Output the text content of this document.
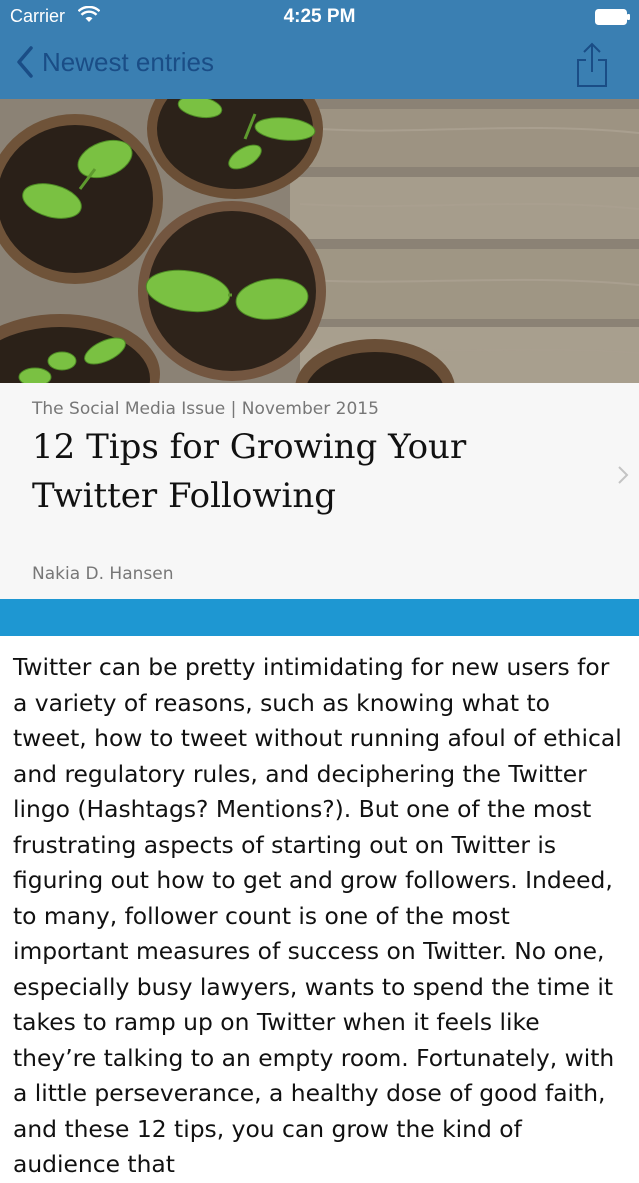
Carrier	4:25 PM
Newest entries
The Social Media Issue | November 2015
12 Tips for Growing Your Twitter Following
Nakia D. Hansen
Twitter can be pretty intimidating for new users for a variety of reasons, such as knowing what to tweet, how to tweet without running afoul of ethical and regulatory rules, and deciphering the Twitter lingo (Hashtags? Mentions?). But one of the most frustrating aspects of starting out on Twitter is figuring out how to get and grow followers. Indeed, to many, follower count is one of the most important measures of success on Twitter. No one, especially busy lawyers, wants to spend the time it takes to ramp up on Twitter when it feels like they’re talking to an empty room. Fortunately, with a little perseverance, a healthy dose of good faith, and these 12 tips, you can grow the kind of audience that
